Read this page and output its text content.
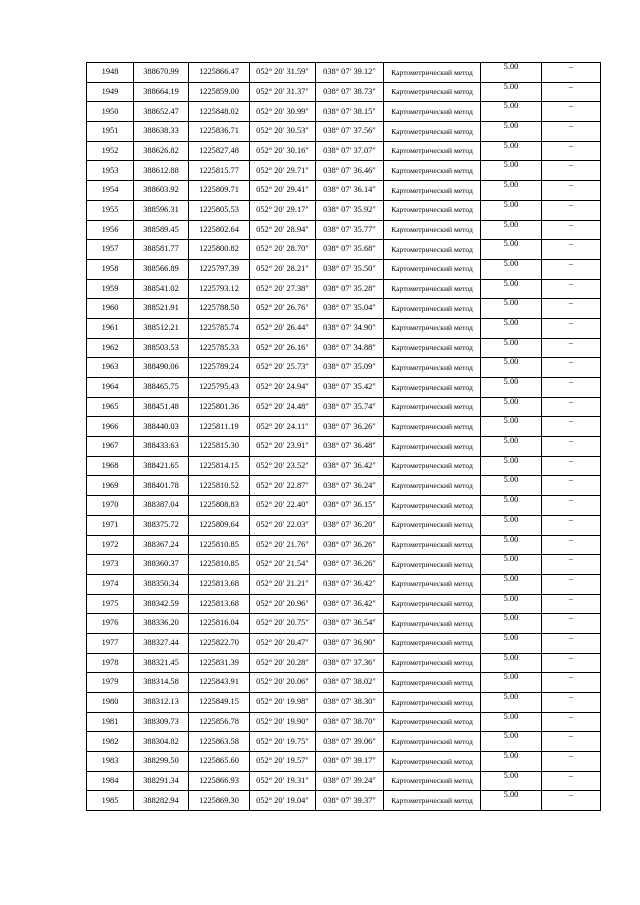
1948	388670.99	1225866.47	052° 20′ 31.59″	038° 07′ 39.12″	Картометрический метод	5.00	–
1949	388664.19	1225859.00	052° 20′ 31.37″	038° 07′ 38.73″	Картометрический метод	5.00	–
1950	388652.47	1225848.02	052° 20′ 30.99″	038° 07′ 38.15″	Картометрический метод	5.00	–
1951	388638.33	1225836.71	052° 20′ 30.53″	038° 07′ 37.56″	Картометрический метод	5.00	–
1952	388626.82	1225827.48	052° 20′ 30.16″	038° 07′ 37.07″	Картометрический метод	5.00	–
1953	388612.88	1225815.77	052° 20′ 29.71″	038° 07′ 36.46″	Картометрический метод	5.00	–
1954	388603.92	1225809.71	052° 20′ 29.41″	038° 07′ 36.14″	Картометрический метод	5.00	–
1955	388596.31	1225805.53	052° 20′ 29.17″	038° 07′ 35.92″	Картометрический метод	5.00	–
1956	388589.45	1225802.64	052° 20′ 28.94″	038° 07′ 35.77″	Картометрический метод	5.00	–
1957	388581.77	1225800.82	052° 20′ 28.70″	038° 07′ 35.68″	Картометрический метод	5.00	–
1958	388566.89	1225797.39	052° 20′ 28.21″	038° 07′ 35.50″	Картометрический метод	5.00	–
1959	388541.02	1225793.12	052° 20′ 27.38″	038° 07′ 35.28″	Картометрический метод	5.00	–
1960	388521.91	1225788.50	052° 20′ 26.76″	038° 07′ 35.04″	Картометрический метод	5.00	–
1961	388512.21	1225785.74	052° 20′ 26.44″	038° 07′ 34.90″	Картометрический метод	5.00	–
1962	388503.53	1225785.33	052° 20′ 26.16″	038° 07′ 34.88″	Картометрический метод	5.00	–
1963	388490.06	1225789.24	052° 20′ 25.73″	038° 07′ 35.09″	Картометрический метод	5.00	–
1964	388465.75	1225795.43	052° 20′ 24.94″	038° 07′ 35.42″	Картометрический метод	5.00	–
1965	388451.48	1225801.36	052° 20′ 24.48″	038° 07′ 35.74″	Картометрический метод	5.00	–
1966	388440.03	1225811.19	052° 20′ 24.11″	038° 07′ 36.26″	Картометрический метод	5.00	–
1967	388433.63	1225815.30	052° 20′ 23.91″	038° 07′ 36.48″	Картометрический метод	5.00	–
1968	388421.65	1225814.15	052° 20′ 23.52″	038° 07′ 36.42″	Картометрический метод	5.00	–
1969	388401.78	1225810.52	052° 20′ 22.87″	038° 07′ 36.24″	Картометрический метод	5.00	–
1970	388387.04	1225808.83	052° 20′ 22.40″	038° 07′ 36.15″	Картометрический метод	5.00	–
1971	388375.72	1225809.64	052° 20′ 22.03″	038° 07′ 36.20″	Картометрический метод	5.00	–
1972	388367.24	1225810.85	052° 20′ 21.76″	038° 07′ 36.26″	Картометрический метод	5.00	–
1973	388360.37	1225810.85	052° 20′ 21.54″	038° 07′ 36.26″	Картометрический метод	5.00	–
1974	388350.34	1225813.68	052° 20′ 21.21″	038° 07′ 36.42″	Картометрический метод	5.00	–
1975	388342.59	1225813.68	052° 20′ 20.96″	038° 07′ 36.42″	Картометрический метод	5.00	–
1976	388336.20	1225816.04	052° 20′ 20.75″	038° 07′ 36.54″	Картометрический метод	5.00	–
1977	388327.44	1225822.70	052° 20′ 20.47″	038° 07′ 36.90″	Картометрический метод	5.00	–
1978	388321.45	1225831.39	052° 20′ 20.28″	038° 07′ 37.36″	Картометрический метод	5.00	–
1979	388314.58	1225843.91	052° 20′ 20.06″	038° 07′ 38.02″	Картометрический метод	5.00	–
1980	388312.13	1225849.15	052° 20′ 19.98″	038° 07′ 38.30″	Картометрический метод	5.00	–
1981	388309.73	1225856.78	052° 20′ 19.90″	038° 07′ 38.70″	Картометрический метод	5.00	–
1982	388304.82	1225863.58	052° 20′ 19.75″	038° 07′ 39.06″	Картометрический метод	5.00	–
1983	388299.50	1225865.60	052° 20′ 19.57″	038° 07′ 39.17″	Картометрический метод	5.00	–
1984	388291.34	1225866.93	052° 20′ 19.31″	038° 07′ 39.24″	Картометрический метод	5.00	–
1985	388282.94	1225869.30	052° 20′ 19.04″	038° 07′ 39.37″	Картометрический метод	5.00	–
